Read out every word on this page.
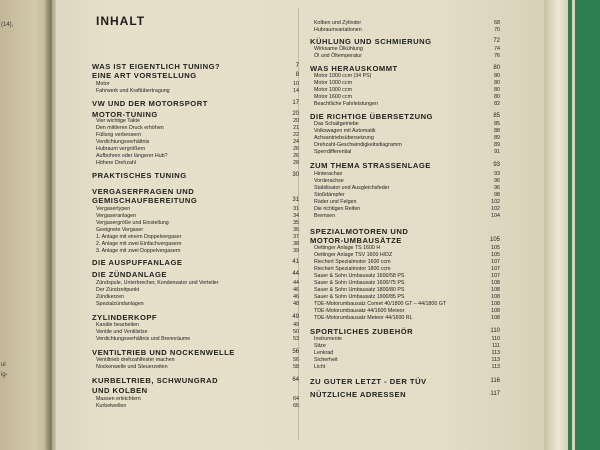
(14),
ul
ig-
INHALT
WAS IST EIGENTLICH TUNING?	7
EINE ART VORSTELLUNG	8
Motor	10
Fahrwerk und Kraftübertragung	14
VW UND DER MOTORSPORT	17
MOTOR-TUNING	20
Vier wichtige Takte	20
Den mittleren Druck erhöhen	21
Füllung verbessern	22
Verdichtungsverhältnis	24
Hubraum vergrößern	26
Aufbohren oder längerer Hub?	26
Höhere Drehzahl	28
PRAKTISCHES TUNING	30
VERGASERFRAGEN UND
GEMISCHAUFBEREITUNG	31
Vergasertypen	31
Vergaseranlagen	34
Vergasergröße und Einstellung	35
Geeignete Vergaser	36
1. Anlage mit einem Doppelvergaser	37
2. Anlage mit zwei Einfachvergasern	38
3. Anlage mit zwei Doppelvergasern	39
DIE AUSPUFFANLAGE	41
DIE ZÜNDANLAGE	44
Zündspule, Unterbrecher, Kondensator und Verteiler	44
Der Zündzeitpunkt	46
Zündkerzen	46
Spezialzündanlagen	48
ZYLINDERKOPF	49
Kanäle bearbeiten	49
Ventile und Ventilsitze	50
Verdichtungsverhältnis und Brennräume	53
VENTILTRIEB UND NOCKENWELLE	56
Ventiltrieb drehzahlfester machen	56
Nockenwelle und Steuerzeiten	58
KURBELTRIEB, SCHWUNGRAD	64
UND KOLBEN
Massen erleichtern	64
Kurbelwellen	66
Kolben und Zylinder	68
Hubraumvariationen	70
KÜHLUNG UND SCHMIERUNG	72
Wirksame Ölkühlung	74
Öl und Öltemperatur	76
WAS HERAUSKOMMT	80
Motor 1000 ccm (34 PS)	80
Motor 1000 ccm	80
Motor 1000 ccm	80
Motor 1600 ccm	80
Beachtliche Fahrleistungen	82
DIE RICHTIGE ÜBERSETZUNG	85
Das Schaltgetriebe	85
Volkswagen mit Automatik	88
Achsantriebsübersetzung	89
Drehzahl-Geschwindigkeitsdiagramm	89
Sperrdifferential	91
ZUM THEMA STRASSENLAGE	93
Hinterachse	93
Vorderachse	96
Stabilisator und Ausgleichsfeder	96
Stoßdämpfer	98
Räder und Felgen	102
Die richtigen Reifen	102
Bremsen	104
SPEZIALMOTOREN UND
MOTOR-UMBAUSÄTZE	105
Oettinger Anlage TS 1600 H	105
Oettinger Anlage TSV 1600 H/DZ	105
Riechert Spezialmotor 1600 ccm	107
Riechert Spezialmotor 1800 ccm	107
Sauer & Sohn Umbausatz 1600/58 PS	107
Sauer & Sohn Umbausatz 1600/75 PS	108
Sauer & Sohn Umbausatz 1800/80 PS	108
Sauer & Sohn Umbausatz 1900/85 PS	108
TDE-Motorumbausatz Comet 40/1800 GT – 44/1800 GT	108
TDE-Motorumbausatz 44/1600 Meteor	108
TDE-Motorumbausatz Meteor 44/1600 RL	108
SPORTLICHES ZUBEHÖR	110
Instrumente	110
Sitze	111
Lenkrad	113
Sicherheit	113
Licht	113
ZU GUTER LETZT - DER TÜV	116
NÜTZLICHE ADRESSEN	117
